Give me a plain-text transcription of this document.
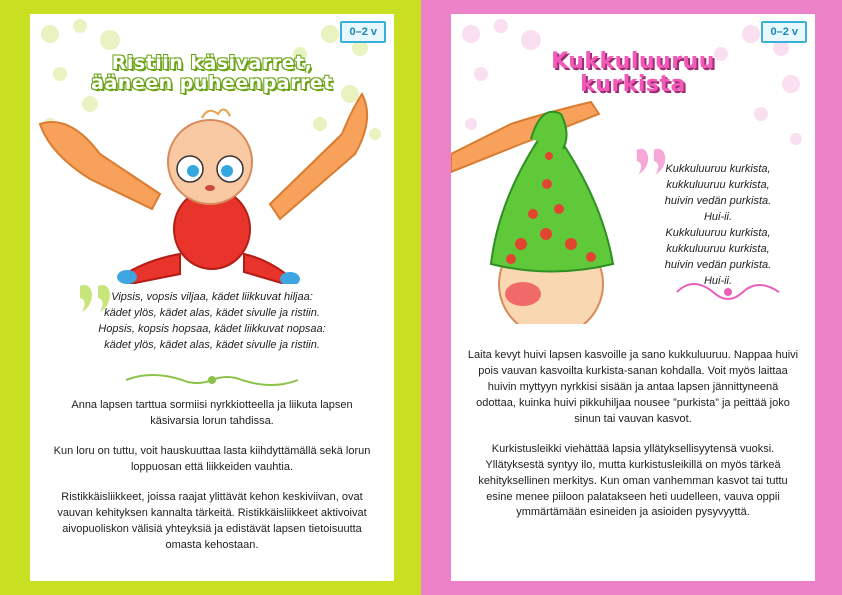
0–2 v
Ristiin käsivarret,
ääneen puheenparret
Vipsis, vopsis viljaa, kädet liikkuvat hiljaa:
kädet ylös, kädet alas, kädet sivulle ja ristiin.
Hopsis, kopsis hopsaa, kädet liikkuvat nopsaa:
kädet ylös, kädet alas, kädet sivulle ja ristiin.

Anna lapsen tarttua sormiisi nyrkkiotteella ja liikuta lapsen käsivarsia lorun tahdissa.

Kun loru on tuttu, voit hauskuuttaa lasta kiihdyttämällä sekä lorun loppuosan että liikkeiden vauhtia.

Ristikkäisliikkeet, joissa raajat ylittävät kehon keskiviivan, ovat vauvan kehityksen kannalta tärkeitä. Ristikkäisliikkeet aktivoivat aivopuoliskon välisiä yhteyksiä ja edistävät lapsen tietoisuutta omasta kehostaan.

0–2 v
Kukkuluuruu
kurkista
Kukkuluuruu kurkista,
kukkuluuruu kurkista,
huivin vedän purkista.
Hui-ii.
Kukkuluuruu kurkista,
kukkuluuruu kurkista,
huivin vedän purkista.
Hui-ii.

Laita kevyt huivi lapsen kasvoille ja sano kukkuluuruu. Nappaa huivi pois vauvan kasvoilta kurkista-sanan kohdalla. Voit myös laittaa huivin myttyyn nyrkkisi sisään ja antaa lapsen jännittyneenä odottaa, kuinka huivi pikkuhiljaa nousee ”purkista” ja peittää joko sinun tai vauvan kasvot.

Kurkistusleikki viehättää lapsia yllätyksellisyytensä vuoksi. Yllätyksestä syntyy ilo, mutta kurkistusleikillä on myös tärkeä kehityksellinen merkitys. Kun oman vanhemman kasvot tai tuttu esine menee piiloon palatakseen heti uudelleen, vauva oppii ymmärtämään esineiden ja asioiden pysyvyyttä.
